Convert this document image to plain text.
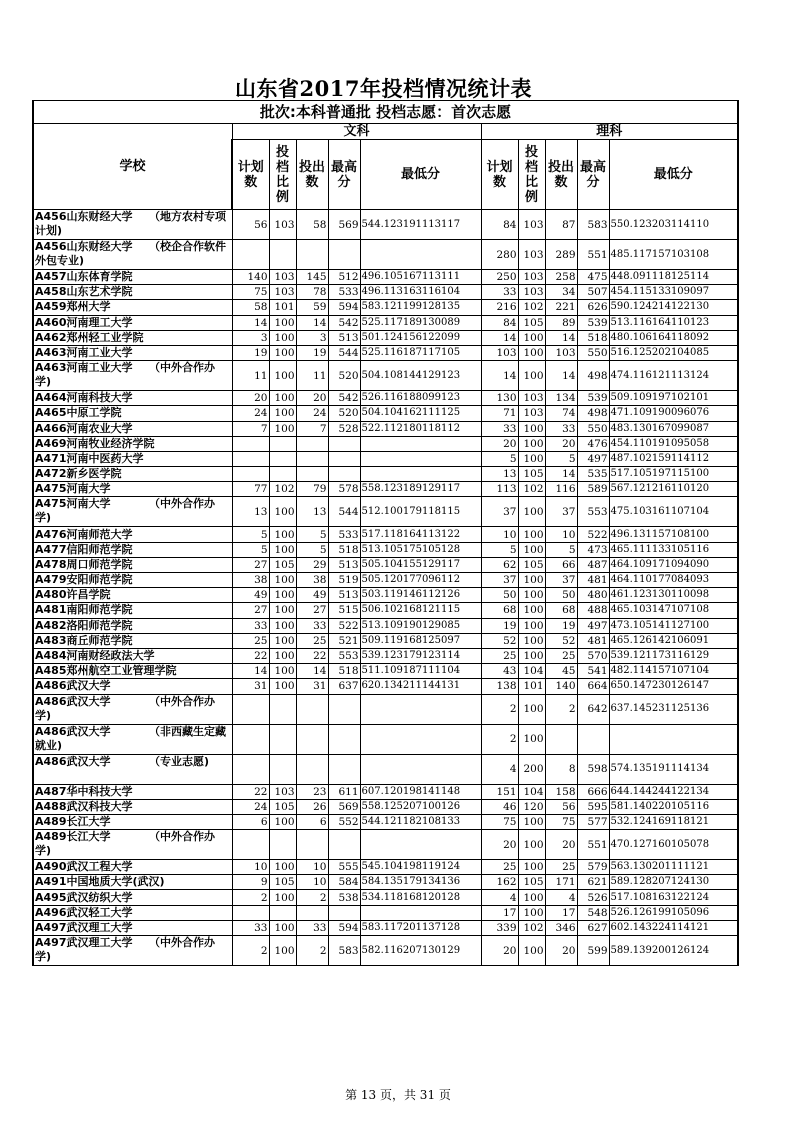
山东省2017年投档情况统计表
批次:本科普通批 投档志愿：首次志愿										
学校	文科					理科				
	计划数	投档比例	投出数	最高分	最低分	计划数	投档比例	投出数	最高分	最低分
A456山东财经大学　　（地方农村专项计划)	56	103	58	569	544.123191113117	84	103	87	583	550.123203114110
A456山东财经大学　　（校企合作软件外包专业)						280	103	289	551	485.117157103108
A457山东体育学院	140	103	145	512	496.105167113111	250	103	258	475	448.091118125114
A458山东艺术学院	75	103	78	533	496.113163116104	33	103	34	507	454.115133109097
A459郑州大学	58	101	59	594	583.121199128135	216	102	221	626	590.124214122130
A460河南理工大学	14	100	14	542	525.117189130089	84	105	89	539	513.116164110123
A462郑州轻工业学院	3	100	3	513	501.124156122099	14	100	14	518	480.106164118092
A463河南工业大学	19	100	19	544	525.116187117105	103	100	103	550	516.125202104085
A463河南工业大学　　（中外合作办学)	11	100	11	520	504.108144129123	14	100	14	498	474.116121113124
A464河南科技大学	20	100	20	542	526.116188099123	130	103	134	539	509.109197102101
A465中原工学院	24	100	24	520	504.104162111125	71	103	74	498	471.109190096076
A466河南农业大学	7	100	7	528	522.112180118112	33	100	33	550	483.130167099087
A469河南牧业经济学院						20	100	20	476	454.110191095058
A471河南中医药大学						5	100	5	497	487.102159114112
A472新乡医学院						13	105	14	535	517.105197115100
A475河南大学	77	102	79	578	558.123189129117	113	102	116	589	567.121216110120
A475河南大学　　　　（中外合作办学)	13	100	13	544	512.100179118115	37	100	37	553	475.103161107104
A476河南师范大学	5	100	5	533	517.118164113122	10	100	10	522	496.131157108100
A477信阳师范学院	5	100	5	518	513.105175105128	5	100	5	473	465.111133105116
A478周口师范学院	27	105	29	513	505.104155129117	62	105	66	487	464.109171094090
A479安阳师范学院	38	100	38	519	505.120177096112	37	100	37	481	464.110177084093
A480许昌学院	49	100	49	513	503.119146112126	50	100	50	480	461.123130110098
A481南阳师范学院	27	100	27	515	506.102168121115	68	100	68	488	465.103147107108
A482洛阳师范学院	33	100	33	522	513.109190129085	19	100	19	497	473.105141127100
A483商丘师范学院	25	100	25	521	509.119168125097	52	100	52	481	465.126142106091
A484河南财经政法大学	22	100	22	553	539.123179123114	25	100	25	570	539.121173116129
A485郑州航空工业管理学院	14	100	14	518	511.109187111104	43	104	45	541	482.114157107104
A486武汉大学	31	100	31	637	620.134211144131	138	101	140	664	650.147230126147
A486武汉大学　　　　（中外合作办学)						2	100	2	642	637.145231125136
A486武汉大学　　　　（非西藏生定藏就业)						2	100			
A486武汉大学　　　　（专业志愿)						4	200	8	598	574.135191114134
A487华中科技大学	22	103	23	611	607.120198141148	151	104	158	666	644.144244122134
A488武汉科技大学	24	105	26	569	558.125207100126	46	120	56	595	581.140220105116
A489长江大学	6	100	6	552	544.121182108133	75	100	75	577	532.124169118121
A489长江大学　　　　（中外合作办学)						20	100	20	551	470.127160105078
A490武汉工程大学	10	100	10	555	545.104198119124	25	100	25	579	563.130201111121
A491中国地质大学(武汉)	9	105	10	584	584.135179134136	162	105	171	621	589.128207124130
A495武汉纺织大学	2	100	2	538	534.118168120128	4	100	4	526	517.108163122124
A496武汉轻工大学						17	100	17	548	526.126199105096
A497武汉理工大学	33	100	33	594	583.117201137128	339	102	346	627	602.143224114121
A497武汉理工大学　　（中外合作办学)	2	100	2	583	582.116207130129	20	100	20	599	589.139200126124
第 13 页，共 31 页
